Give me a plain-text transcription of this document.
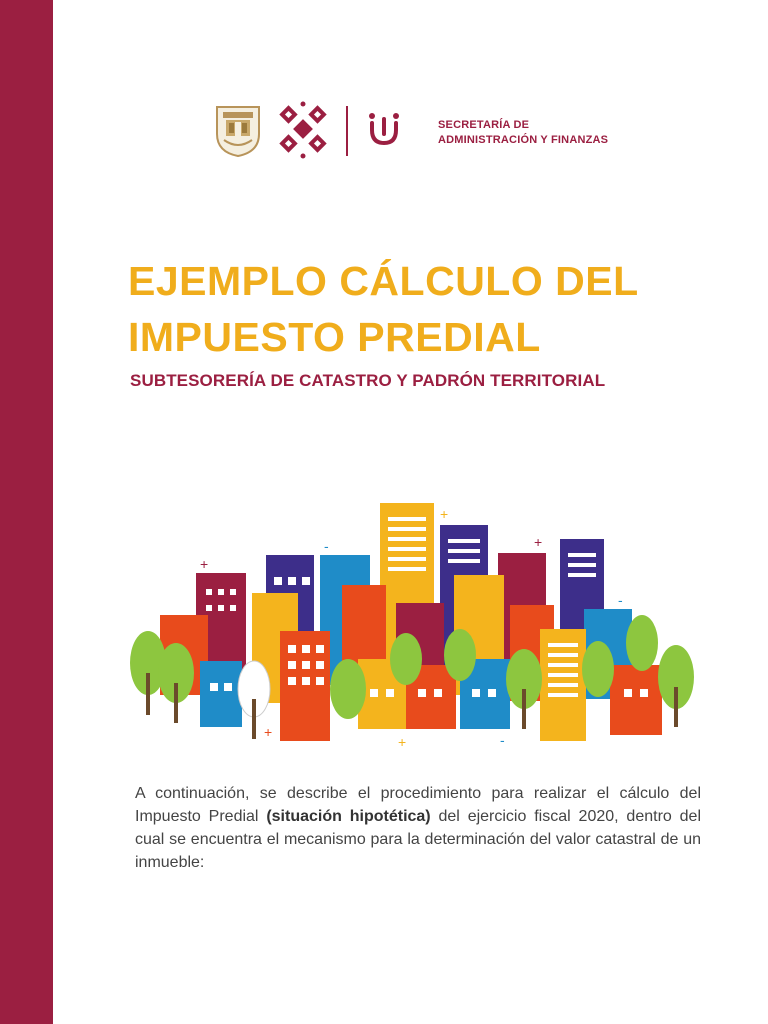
SECRETARÍA DE
ADMINISTRACIÓN Y FINANZAS
EJEMPLO CÁLCULO DEL
IMPUESTO PREDIAL
SUBTESORERÍA DE CATASTRO Y PADRÓN TERRITORIAL
+
+
+
-
-
+
+	-

A continuación, se describe el procedimiento para realizar el cálculo del Impuesto Predial (situación hipotética) del ejercicio fiscal 2020, dentro del cual se encuentra el mecanismo para la determinación del valor catastral de un inmueble:
